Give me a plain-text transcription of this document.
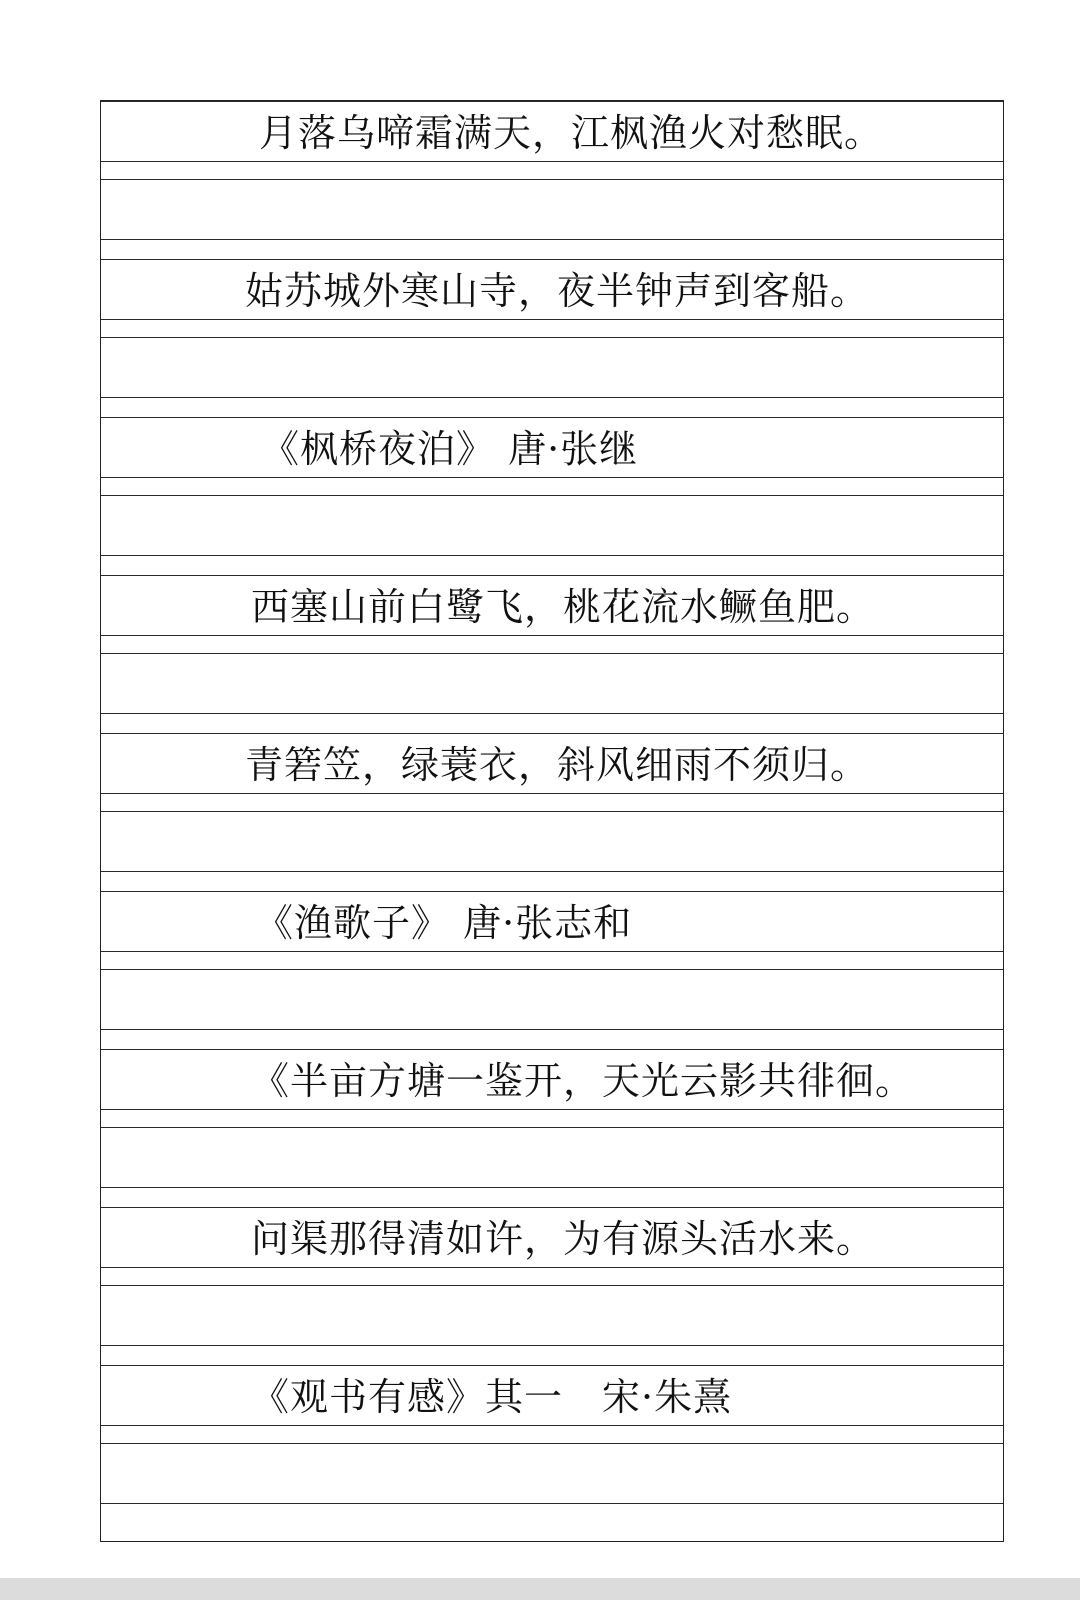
月落乌啼霜满天，江枫渔火对愁眠。
姑苏城外寒山寺，夜半钟声到客船。
《枫桥夜泊》 唐·张继
西塞山前白鹭飞，桃花流水鳜鱼肥。
青箬笠，绿蓑衣，斜风细雨不须归。
《渔歌子》 唐·张志和
《半亩方塘一鉴开，天光云影共徘徊。
问渠那得清如许，为有源头活水来。
《观书有感》其一　宋·朱熹
